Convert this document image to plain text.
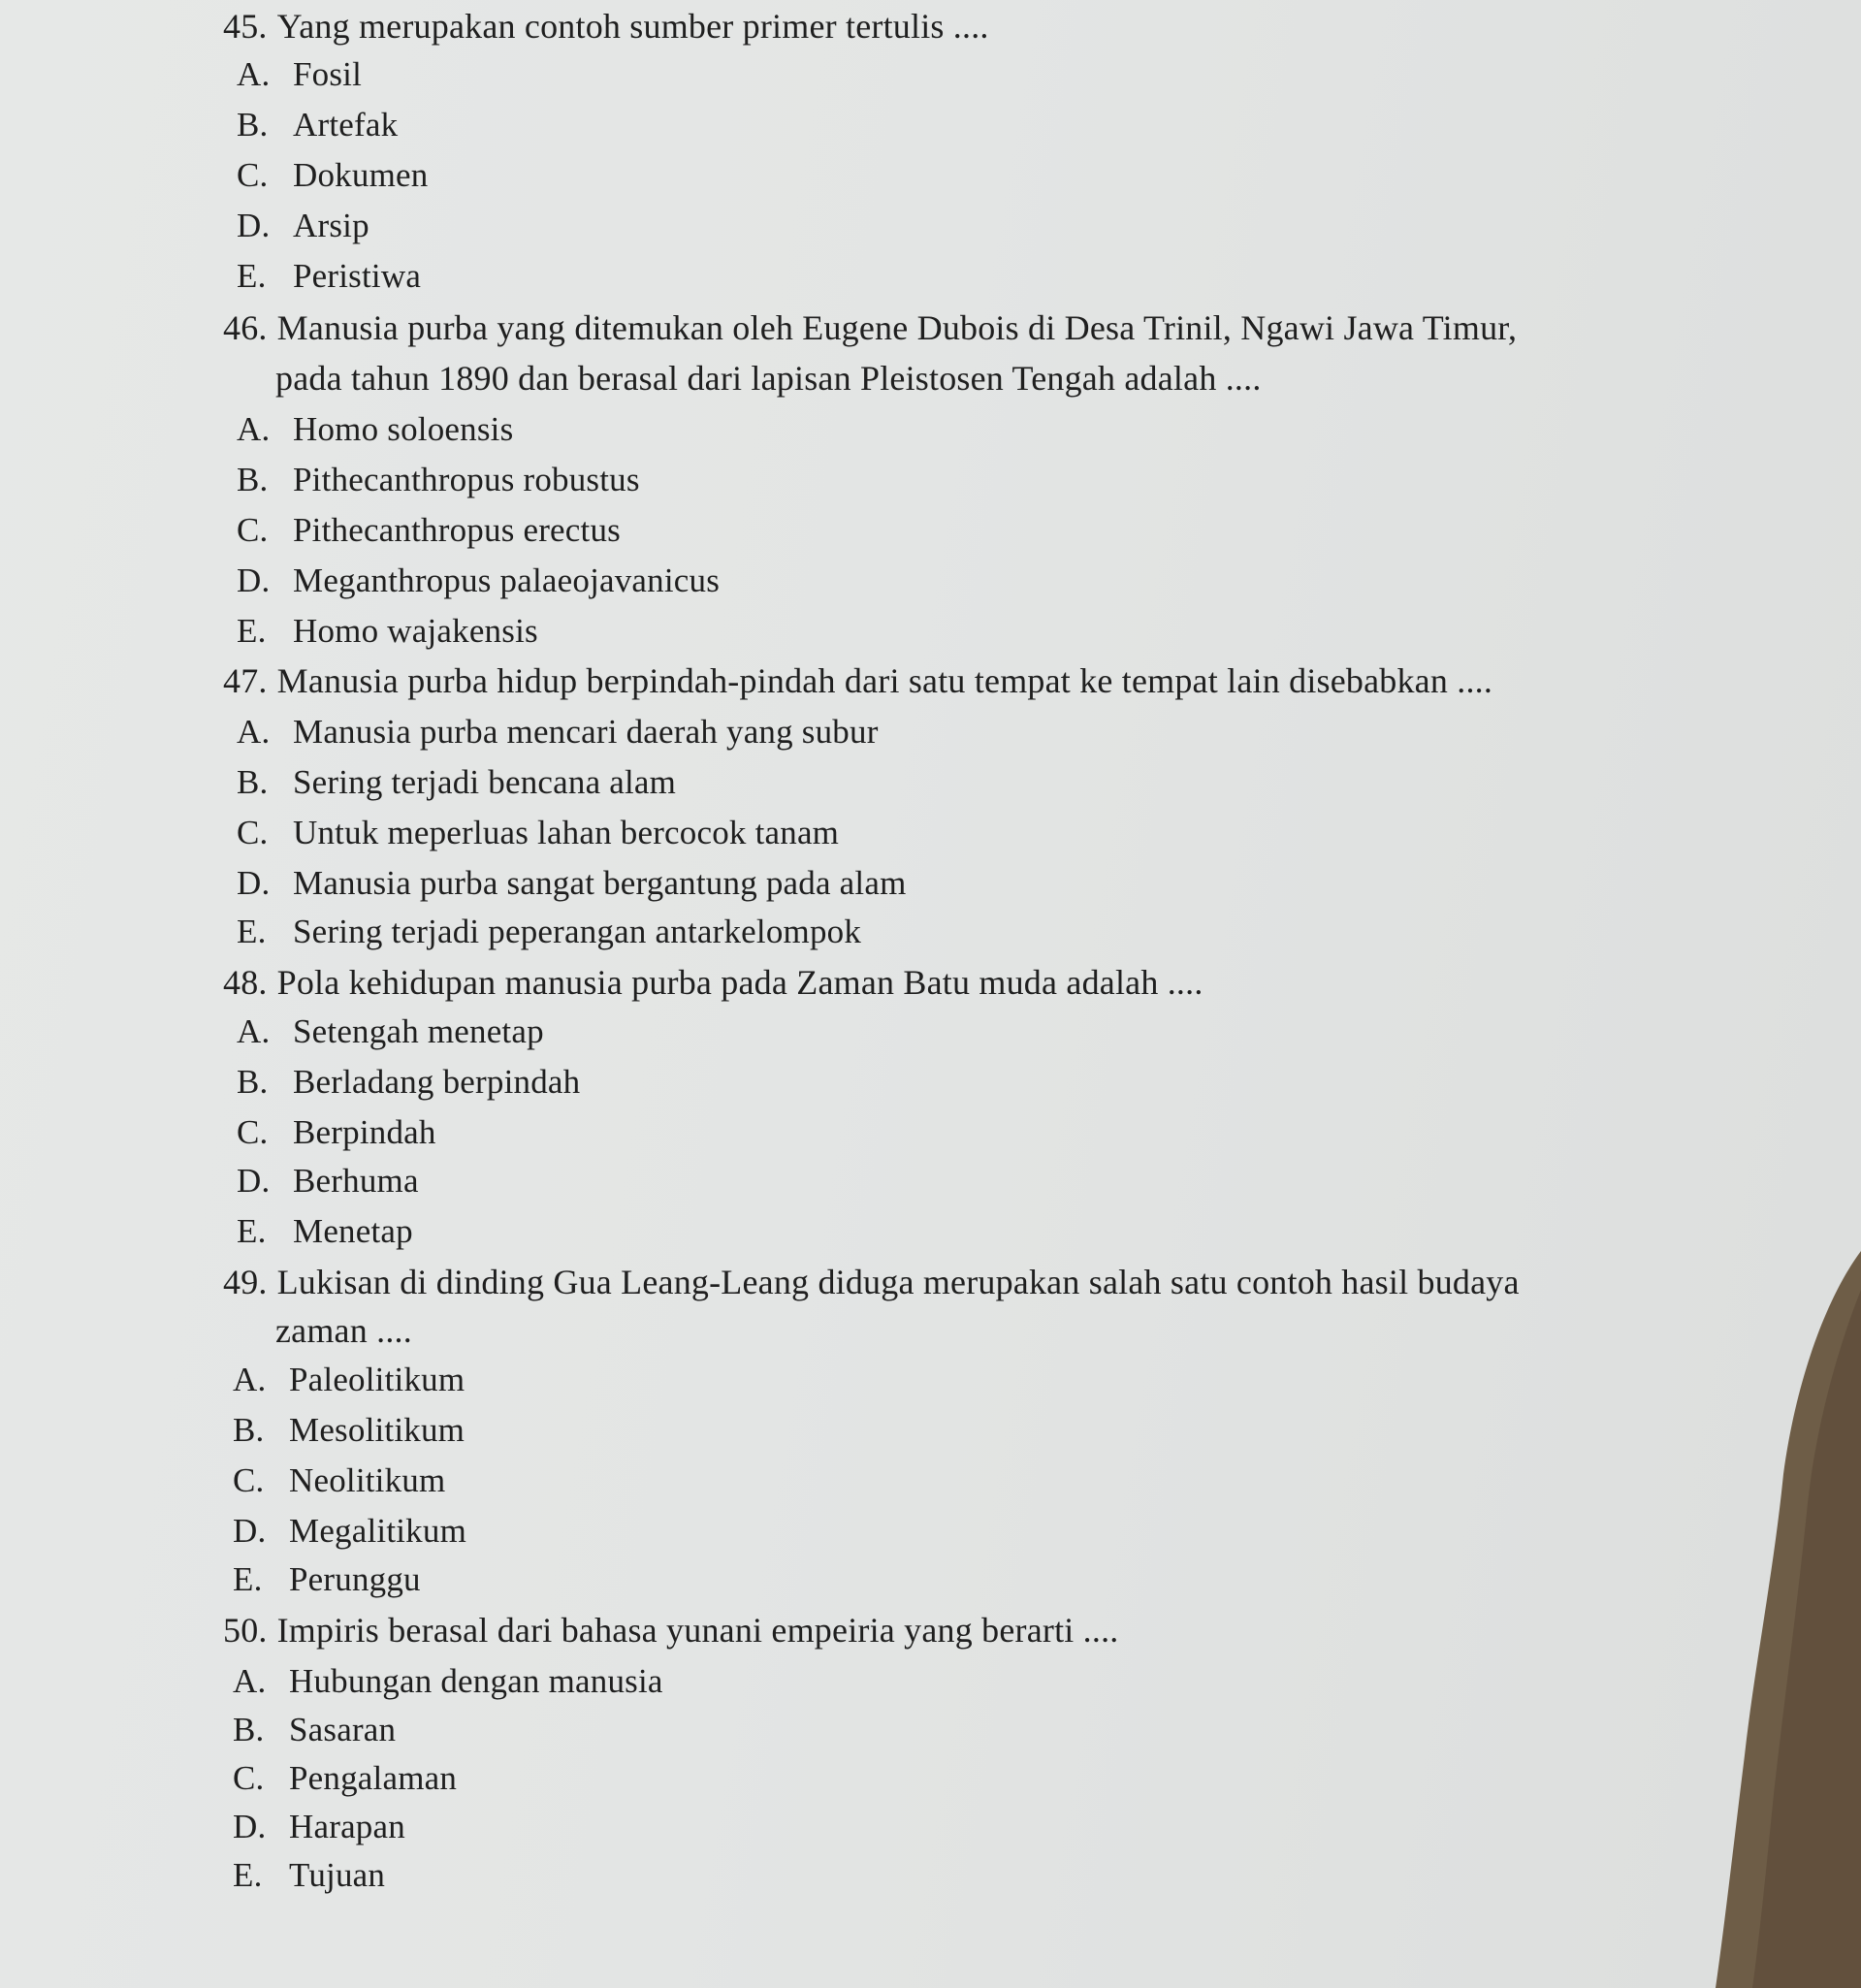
45. Yang merupakan contoh sumber primer tertulis ....
A. Fosil
B. Artefak
C. Dokumen
D. Arsip
E. Peristiwa
46. Manusia purba yang ditemukan oleh Eugene Dubois di Desa Trinil, Ngawi Jawa Timur,
pada tahun 1890 dan berasal dari lapisan Pleistosen Tengah adalah ....
A. Homo soloensis
B. Pithecanthropus robustus
C. Pithecanthropus erectus
D. Meganthropus palaeojavanicus
E. Homo wajakensis
47. Manusia purba hidup berpindah-pindah dari satu tempat ke tempat lain disebabkan ....
A. Manusia purba mencari daerah yang subur
B. Sering terjadi bencana alam
C. Untuk meperluas lahan bercocok tanam
D. Manusia purba sangat bergantung pada alam
E. Sering terjadi peperangan antarkelompok
48. Pola kehidupan manusia purba pada Zaman Batu muda adalah ....
A. Setengah menetap
B. Berladang berpindah
C. Berpindah
D. Berhuma
E. Menetap
49. Lukisan di dinding Gua Leang-Leang diduga merupakan salah satu contoh hasil budaya
zaman ....
A. Paleolitikum
B. Mesolitikum
C. Neolitikum
D. Megalitikum
E. Perunggu
50. Impiris berasal dari bahasa yunani empeiria yang berarti ....
A. Hubungan dengan manusia
B. Sasaran
C. Pengalaman
D. Harapan
E. Tujuan
